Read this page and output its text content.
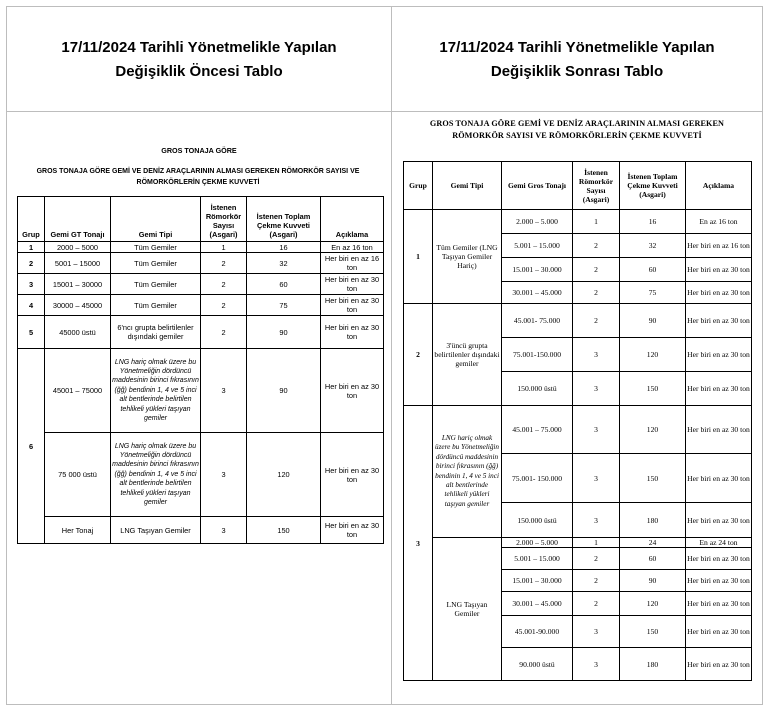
17/11/2024 Tarihli Yönetmelikle Yapılan
Değişiklik Öncesi Tablo
17/11/2024 Tarihli Yönetmelikle Yapılan
Değişiklik Sonrası Tablo
GROS TONAJA GÖRE
GROS TONAJA GÖRE GEMİ VE DENİZ ARAÇLARININ ALMASI GEREKEN RÖMORKÖR SAYISI VE
RÖMORKÖRLERİN ÇEKME KUVVETİ
Grup	Gemi GT Tonajı	Gemi Tipi	İstenen Römorkör Sayısı (Asgari)	İstenen Toplam Çekme Kuvveti (Asgari)	Açıklama
1	2000 – 5000	Tüm Gemiler	1	16	En az 16 ton
2	5001 – 15000	Tüm Gemiler	2	32	Her biri en az 16 ton
3	15001 – 30000	Tüm Gemiler	2	60	Her biri en az 30 ton
4	30000 – 45000	Tüm Gemiler	2	75	Her biri en az 30 ton
5	45000 üstü	6'ncı grupta belirtilenler dışındaki gemiler	2	90	Her biri en az 30 ton
6	45001 – 75000	LNG hariç olmak üzere bu Yönetmeliğin dördüncü maddesinin birinci fıkrasının (ğğ) bendinin 1, 4 ve 5 inci alt bentlerinde belirtilen tehlikeli yükleri taşıyan gemiler	3	90	Her biri en az 30 ton
	75 000 üstü	LNG hariç olmak üzere bu Yönetmeliğin dördüncü maddesinin birinci fıkrasının (ğğ) bendinin 1, 4 ve 5 inci alt bentlerinde belirtilen tehlikeli yükleri taşıyan gemiler	3	120	Her biri en az 30 ton
	Her Tonaj	LNG Taşıyan Gemiler	3	150	Her biri en az 30 ton
GROS TONAJA GÖRE GEMİ VE DENİZ ARAÇLARININ ALMASI GEREKEN
RÖMORKÖR SAYISI VE RÖMORKÖRLERİN ÇEKME KUVVETİ
Grup	Gemi Tipi	Gemi Gros Tonajı	İstenen Römorkör Sayısı (Asgari)	İstenen Toplam Çekme Kuvveti (Asgari)	Açıklama
1	Tüm Gemiler (LNG Taşıyan Gemiler Hariç)	2.000 – 5.000	1	16	En az 16 ton
		5.001 – 15.000	2	32	Her biri en az 16 ton
		15.001 – 30.000	2	60	Her biri en az 30 ton
		30.001 – 45.000	2	75	Her biri en az 30 ton
2	3'üncü grupta belirtilenler dışındaki gemiler	45.001- 75.000	2	90	Her biri en az 30 ton
		75.001-150.000	3	120	Her biri en az 30 ton
		150.000 üstü	3	150	Her biri en az 30 ton
3	LNG hariç olmak üzere bu Yönetmeliğin dördüncü maddesinin birinci fıkrasının (ğğ) bendinin 1, 4 ve 5 inci alt bentlerinde tehlikeli yükleri taşıyan gemiler	45.001 – 75.000	3	120	Her biri en az 30 ton
		75.001- 150.000	3	150	Her biri en az 30 ton
		150.000 üstü	3	180	Her biri en az 30 ton
	LNG Taşıyan Gemiler	2.000 – 5.000	1	24	En az 24 ton
		5.001 – 15.000	2	60	Her biri en az 30 ton
		15.001 – 30.000	2	90	Her biri en az 30 ton
		30.001 – 45.000	2	120	Her biri en az 30 ton
		45.001-90.000	3	150	Her biri en az 30 ton
		90.000 üstü	3	180	Her biri en az 30 ton
